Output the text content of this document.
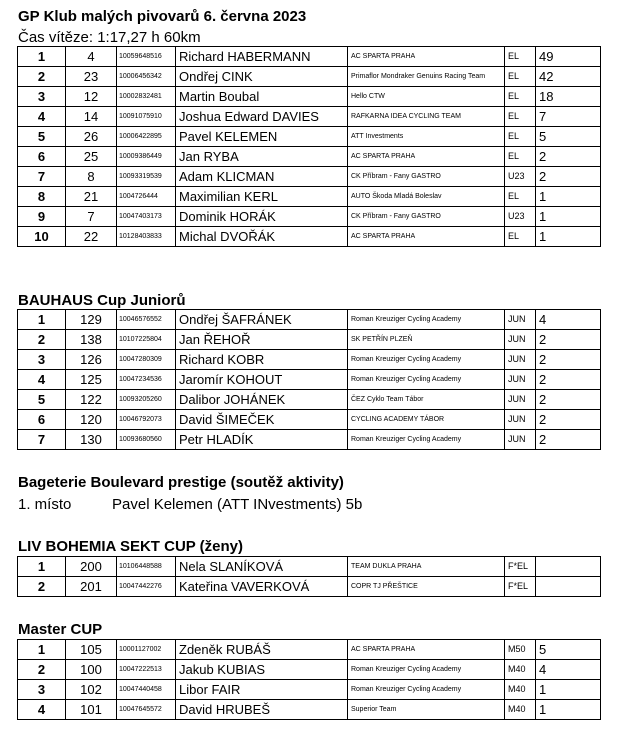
GP Klub malých pivovarů 6. června 2023
Čas vítěze: 1:17,27 h 60km
1	4	10059648516	Richard HABERMANN	AC SPARTA PRAHA	EL	49
2	23	10006456342	Ondřej CINK	Primaflor Mondraker Genuins Racing Team	EL	42
3	12	10002832481	Martin Boubal	Hello CTW	EL	18
4	14	10091075910	Joshua Edward DAVIES	RAFKARNA IDEA CYCLING TEAM	EL	7
5	26	10006422895	Pavel KELEMEN	ATT Investments	EL	5
6	25	10009386449	Jan RYBA	AC SPARTA PRAHA	EL	2
7	8	10093319539	Adam KLICMAN	CK Příbram - Fany GASTRO	U23	2
8	21	1004726444	Maximilian KERL	AUTO Škoda Mladá Boleslav	EL	1
9	7	10047403173	Dominik HORÁK	CK Příbram - Fany GASTRO	U23	1
10	22	10128403833	Michal DVOŘÁK	AC SPARTA PRAHA	EL	1
BAUHAUS Cup Juniorů
1	129	10046576552	Ondřej ŠAFRÁNEK	Roman Kreuziger Cycling Academy	JUN	4
2	138	10107225804	Jan ŘEHOŘ	SK PETŘÍN PLZEŇ	JUN	2
3	126	10047280309	Richard KOBR	Roman Kreuziger Cycling Academy	JUN	2
4	125	10047234536	Jaromír KOHOUT	Roman Kreuziger Cycling Academy	JUN	2
5	122	10093205260	Dalibor JOHÁNEK	ČEZ Cyklo Team Tábor	JUN	2
6	120	10046792073	David ŠIMEČEK	CYCLING ACADEMY TÁBOR	JUN	2
7	130	10093680560	Petr HLADÍK	Roman Kreuziger Cycling Academy	JUN	2
Bageterie Boulevard prestige (soutěž aktivity)
1. místo	Pavel Kelemen (ATT INvestments) 5b
LIV BOHEMIA SEKT CUP (ženy)
1	200	10106448588	Nela SLANÍKOVÁ	TEAM DUKLA PRAHA	F*EL	
2	201	10047442276	Kateřina VAVERKOVÁ	COPR TJ PŘEŠTICE	F*EL	
Master CUP
1	105	10001127002	Zdeněk RUBÁŠ	AC SPARTA PRAHA	M50	5
2	100	10047222513	Jakub KUBIAS	Roman Kreuziger Cycling Academy	M40	4
3	102	10047440458	Libor FAIR	Roman Kreuziger Cycling Academy	M40	1
4	101	10047645572	David HRUBEŠ	Superior Team	M40	1
